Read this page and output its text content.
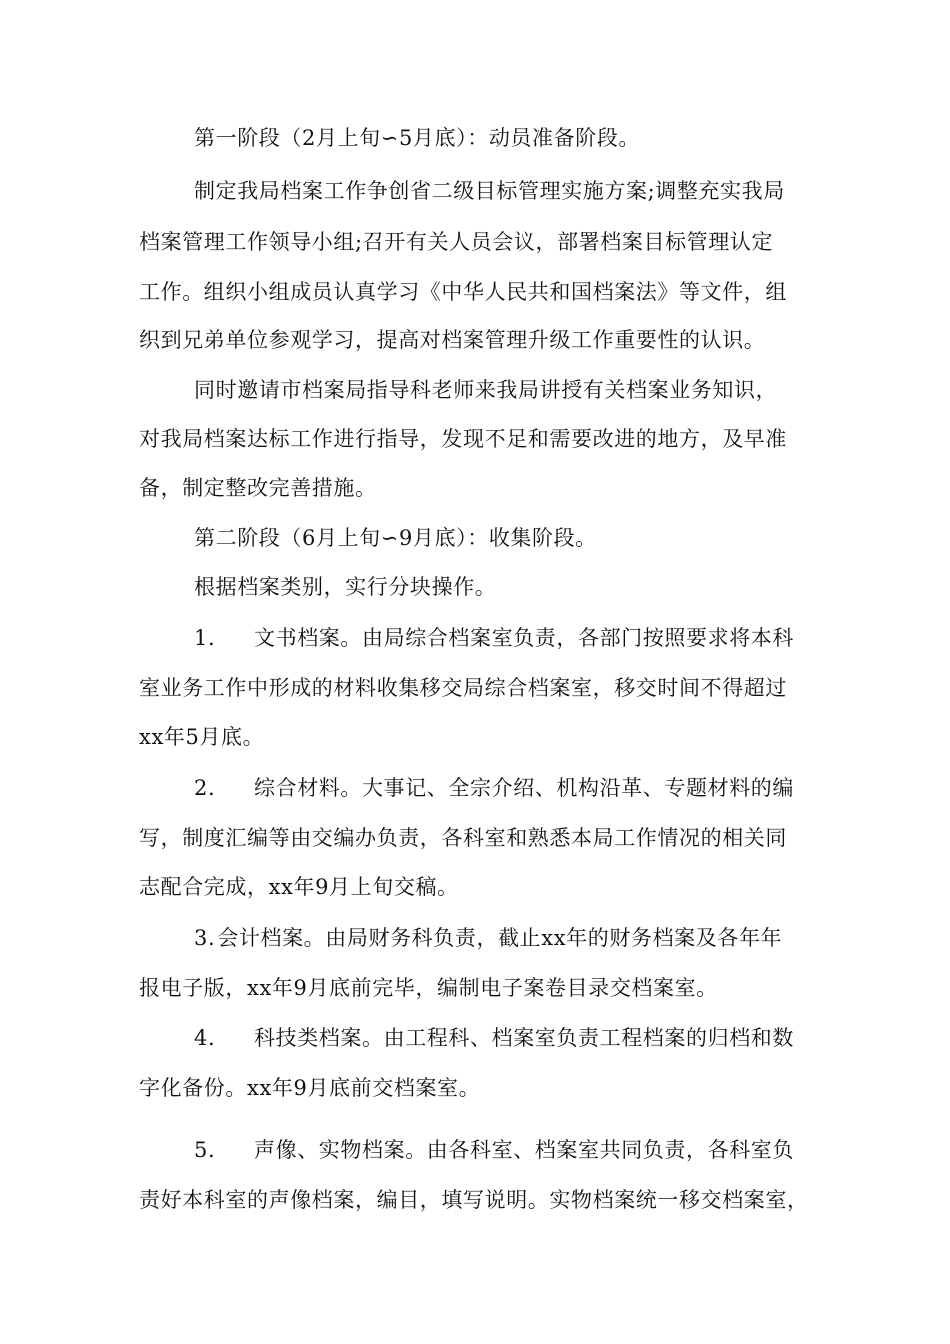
第一阶段（2月上旬∽5月底）：动员准备阶段。
制定我局档案工作争创省二级目标管理实施方案;调整充实我局
档案管理工作领导小组;召开有关人员会议，部署档案目标管理认定
工作。组织小组成员认真学习《中华人民共和国档案法》等文件，组
织到兄弟单位参观学习，提高对档案管理升级工作重要性的认识。
同时邀请市档案局指导科老师来我局讲授有关档案业务知识，
对我局档案达标工作进行指导，发现不足和需要改进的地方，及早准
备，制定整改完善措施。
第二阶段（6月上旬∽9月底）：收集阶段。
根据档案类别，实行分块操作。
1. 文书档案。由局综合档案室负责，各部门按照要求将本科
室业务工作中形成的材料收集移交局综合档案室，移交时间不得超过
xx年5月底。
2. 综合材料。大事记、全宗介绍、机构沿革、专题材料的编
写，制度汇编等由交编办负责，各科室和熟悉本局工作情况的相关同
志配合完成，xx年9月上旬交稿。
3. 会计档案。由局财务科负责，截止xx年的财务档案及各年年
报电子版，xx年9月底前完毕，编制电子案卷目录交档案室。
4. 科技类档案。由工程科、档案室负责工程档案的归档和数
字化备份。xx年9月底前交档案室。
5. 声像、实物档案。由各科室、档案室共同负责，各科室负
责好本科室的声像档案，编目，填写说明。实物档案统一移交档案室，
